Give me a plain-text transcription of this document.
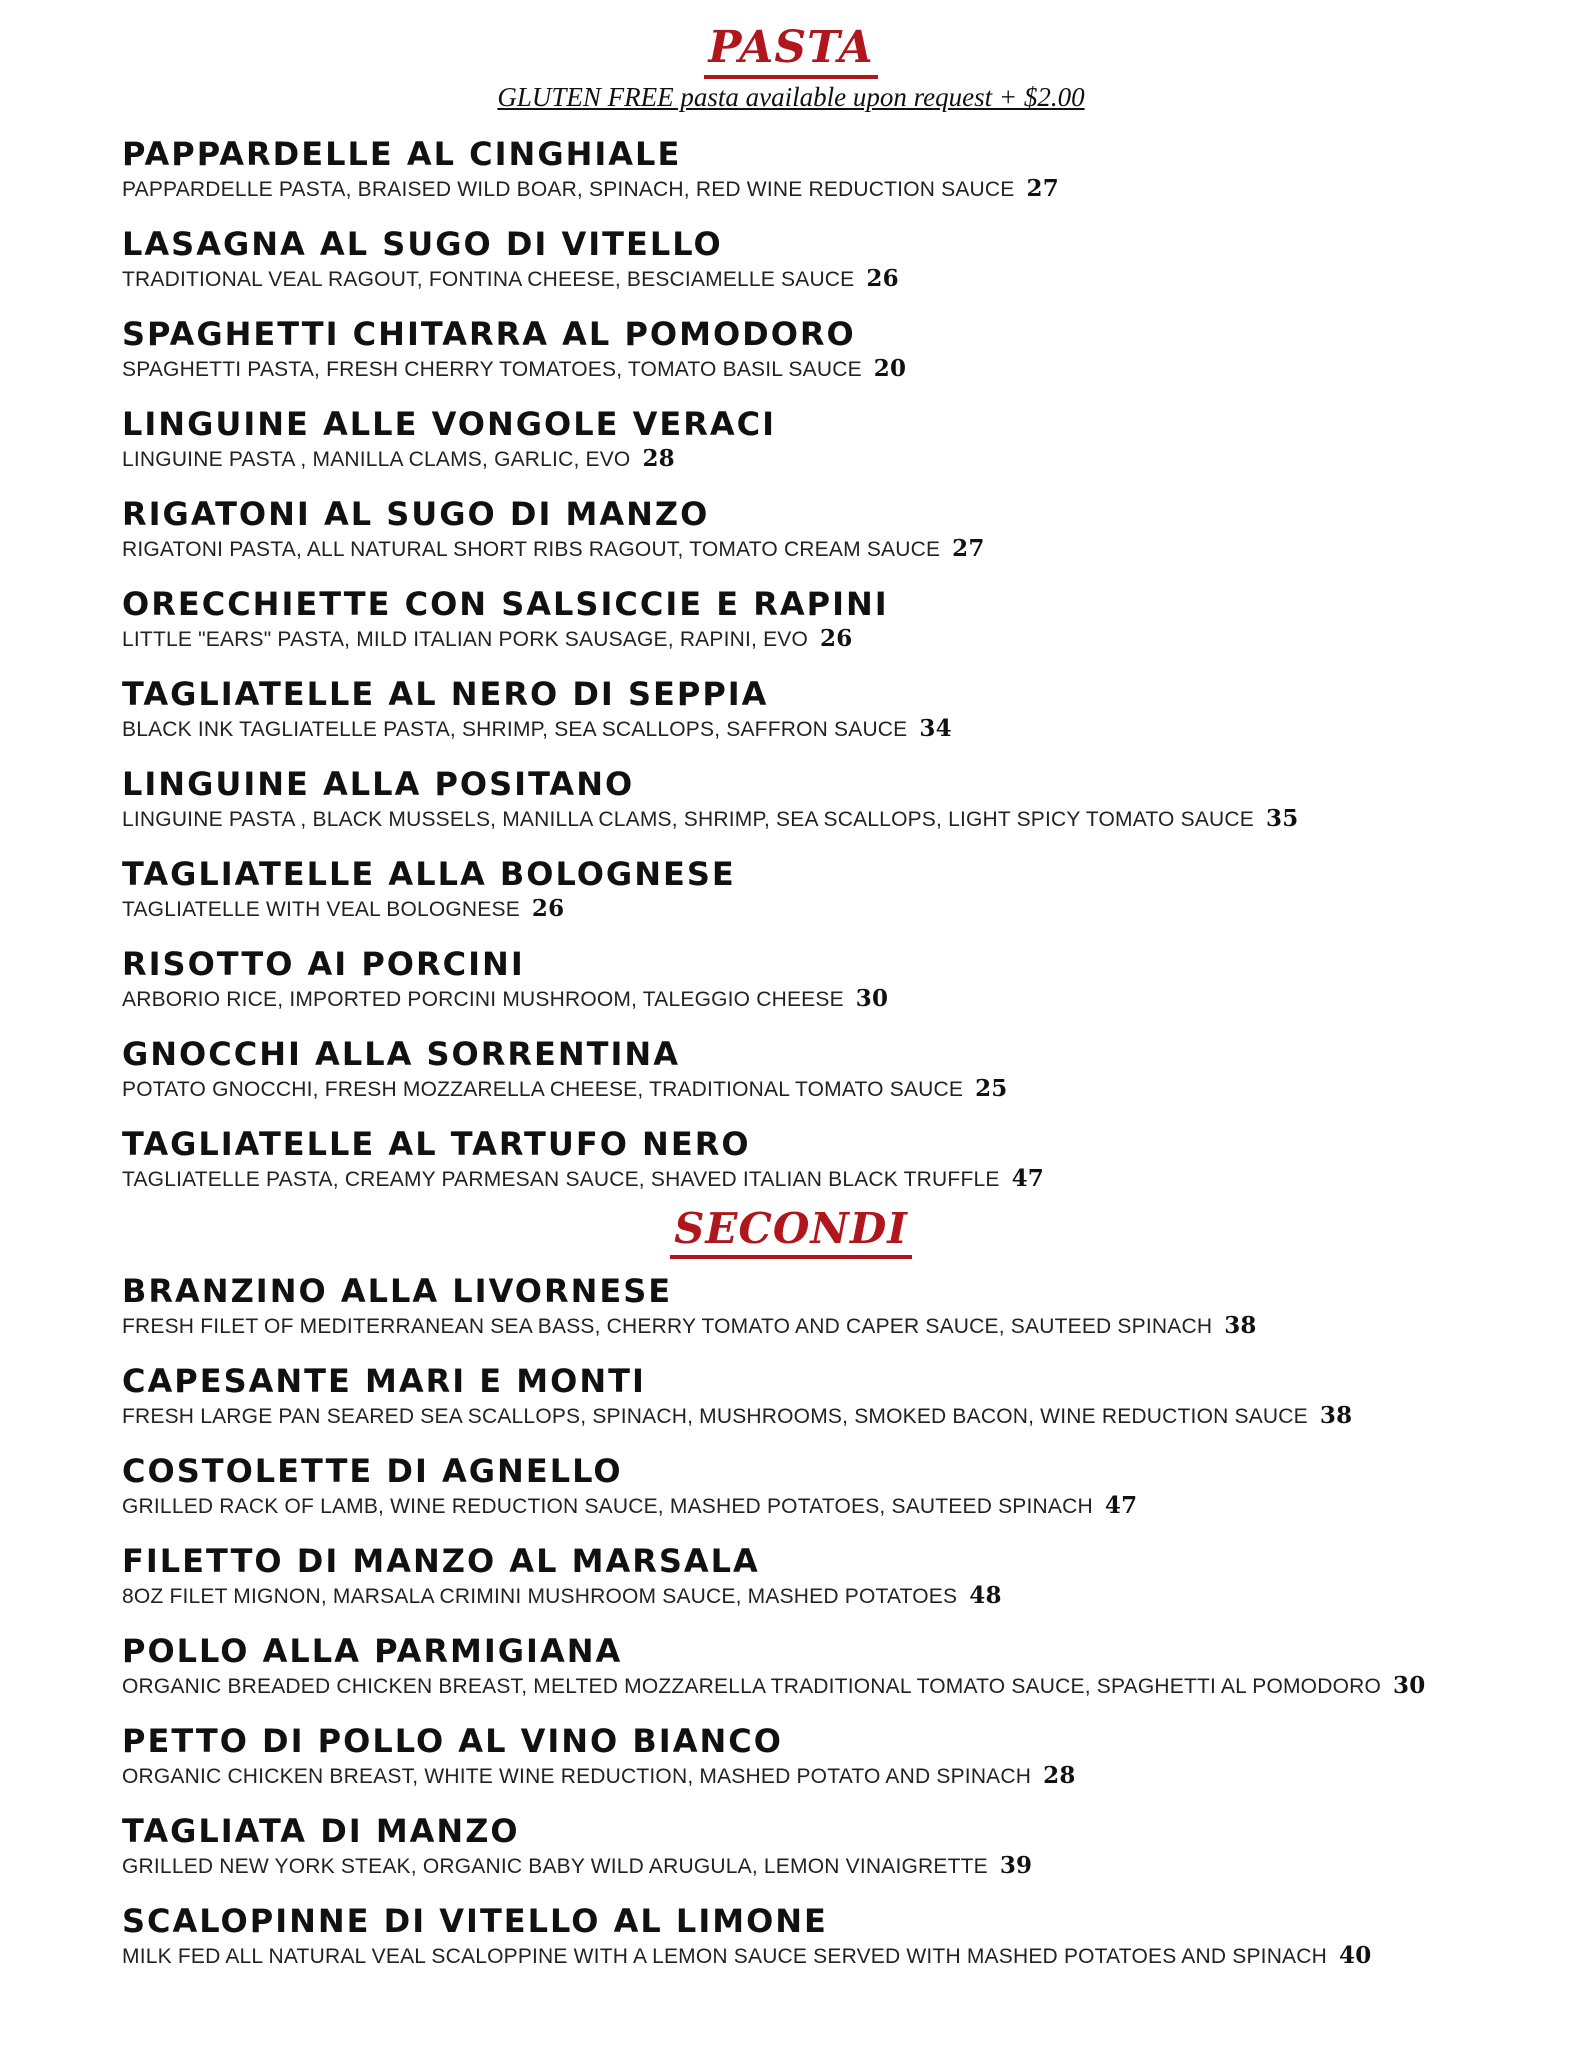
PASTA
GLUTEN FREE pasta available upon request + $2.00
PAPPARDELLE AL CINGHIALE
PAPPARDELLE PASTA, BRAISED WILD BOAR, SPINACH, RED WINE REDUCTION SAUCE 27
LASAGNA AL SUGO DI VITELLO
TRADITIONAL VEAL RAGOUT, FONTINA CHEESE, BESCIAMELLE SAUCE 26
SPAGHETTI CHITARRA AL POMODORO
SPAGHETTI PASTA, FRESH CHERRY TOMATOES, TOMATO BASIL SAUCE 20
LINGUINE ALLE VONGOLE VERACI
LINGUINE PASTA , MANILLA CLAMS, GARLIC, EVO 28
RIGATONI AL SUGO DI MANZO
RIGATONI PASTA, ALL NATURAL SHORT RIBS RAGOUT, TOMATO CREAM SAUCE 27
ORECCHIETTE CON SALSICCIE E RAPINI
LITTLE "EARS" PASTA, MILD ITALIAN PORK SAUSAGE, RAPINI, EVO 26
TAGLIATELLE AL NERO DI SEPPIA
BLACK INK TAGLIATELLE PASTA, SHRIMP, SEA SCALLOPS, SAFFRON SAUCE 34
LINGUINE ALLA POSITANO
LINGUINE PASTA , BLACK MUSSELS, MANILLA CLAMS, SHRIMP, SEA SCALLOPS, LIGHT SPICY TOMATO SAUCE 35
TAGLIATELLE ALLA BOLOGNESE
TAGLIATELLE WITH VEAL BOLOGNESE 26
RISOTTO AI PORCINI
ARBORIO RICE, IMPORTED PORCINI MUSHROOM, TALEGGIO CHEESE 30
GNOCCHI ALLA SORRENTINA
POTATO GNOCCHI, FRESH MOZZARELLA CHEESE, TRADITIONAL TOMATO SAUCE 25
TAGLIATELLE AL TARTUFO NERO
TAGLIATELLE PASTA, CREAMY PARMESAN SAUCE, SHAVED ITALIAN BLACK TRUFFLE 47
SECONDI
BRANZINO ALLA LIVORNESE
FRESH FILET OF MEDITERRANEAN SEA BASS, CHERRY TOMATO AND CAPER SAUCE, SAUTEED SPINACH 38
CAPESANTE MARI E MONTI
FRESH LARGE PAN SEARED SEA SCALLOPS, SPINACH, MUSHROOMS, SMOKED BACON, WINE REDUCTION SAUCE 38
COSTOLETTE DI AGNELLO
GRILLED RACK OF LAMB, WINE REDUCTION SAUCE, MASHED POTATOES, SAUTEED SPINACH 47
FILETTO DI MANZO AL MARSALA
8OZ FILET MIGNON, MARSALA CRIMINI MUSHROOM SAUCE, MASHED POTATOES 48
POLLO ALLA PARMIGIANA
ORGANIC BREADED CHICKEN BREAST, MELTED MOZZARELLA TRADITIONAL TOMATO SAUCE, SPAGHETTI AL POMODORO 30
PETTO DI POLLO AL VINO BIANCO
ORGANIC CHICKEN BREAST, WHITE WINE REDUCTION, MASHED POTATO AND SPINACH 28
TAGLIATA DI MANZO
GRILLED NEW YORK STEAK, ORGANIC BABY WILD ARUGULA, LEMON VINAIGRETTE 39
SCALOPINNE DI VITELLO AL LIMONE
MILK FED ALL NATURAL VEAL SCALOPPINE WITH A LEMON SAUCE SERVED WITH MASHED POTATOES AND SPINACH 40
